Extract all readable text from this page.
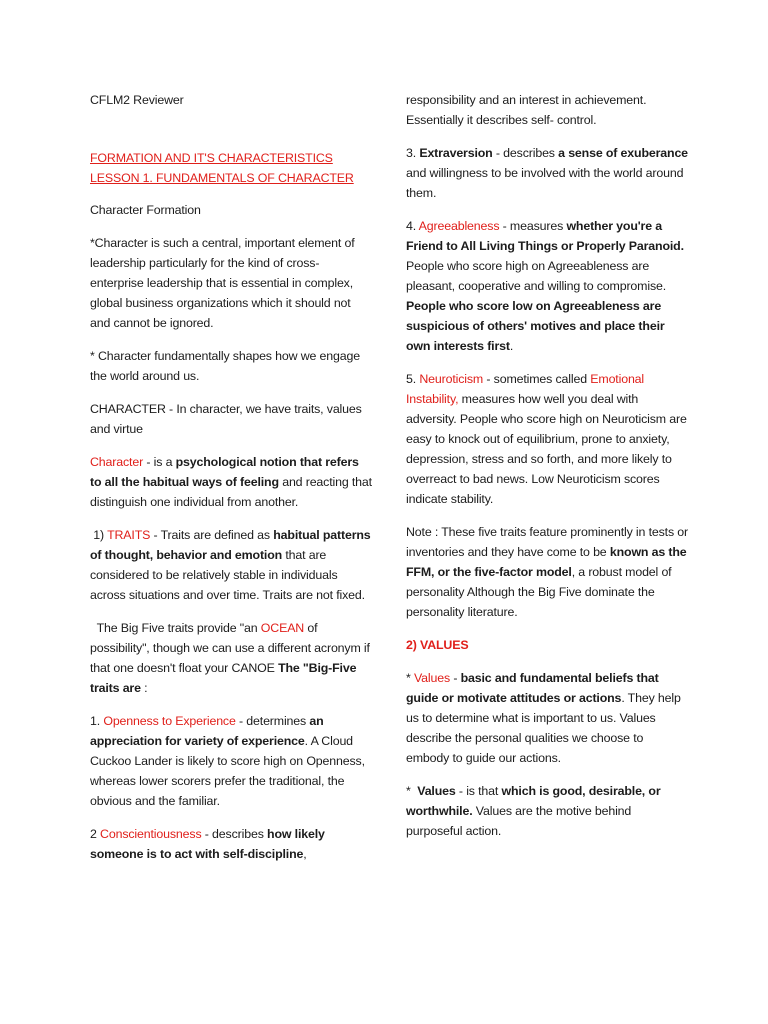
CFLM2 Reviewer

FORMATION AND IT'S CHARACTERISTICS
LESSON 1. FUNDAMENTALS OF CHARACTER

Character Formation

*Character is such a central, important element of leadership particularly for the kind of cross-enterprise leadership that is essential in complex, global business organizations which it should not and cannot be ignored.

* Character fundamentally shapes how we engage the world around us.

CHARACTER - In character, we have traits, values and virtue

Character - is a psychological notion that refers to all the habitual ways of feeling and reacting that distinguish one individual from another.

1) TRAITS - Traits are defined as habitual patterns of thought, behavior and emotion that are considered to be relatively stable in individuals across situations and over time. Traits are not fixed.

The Big Five traits provide "an OCEAN of possibility", though we can use a different acronym if that one doesn't float your CANOE The "Big-Five traits are :

1. Openness to Experience - determines an appreciation for variety of experience. A Cloud Cuckoo Lander is likely to score high on Openness, whereas lower scorers prefer the traditional, the obvious and the familiar.

2 Conscientiousness - describes how likely someone is to act with self-discipline,

responsibility and an interest in achievement. Essentially it describes self- control.

3. Extraversion - describes a sense of exuberance and willingness to be involved with the world around them.

4. Agreeableness - measures whether you're a Friend to All Living Things or Properly Paranoid. People who score high on Agreeableness are pleasant, cooperative and willing to compromise. People who score low on Agreeableness are suspicious of others' motives and place their own interests first.

5. Neuroticism - sometimes called Emotional Instability, measures how well you deal with adversity. People who score high on Neuroticism are easy to knock out of equilibrium, prone to anxiety, depression, stress and so forth, and more likely to overreact to bad news. Low Neuroticism scores indicate stability.

Note : These five traits feature prominently in tests or inventories and they have come to be known as the FFM, or the five-factor model, a robust model of personality Although the Big Five dominate the personality literature.

2) VALUES

* Values - basic and fundamental beliefs that guide or motivate attitudes or actions. They help us to determine what is important to us. Values describe the personal qualities we choose to embody to guide our actions.

*  Values - is that which is good, desirable, or worthwhile. Values are the motive behind purposeful action.
